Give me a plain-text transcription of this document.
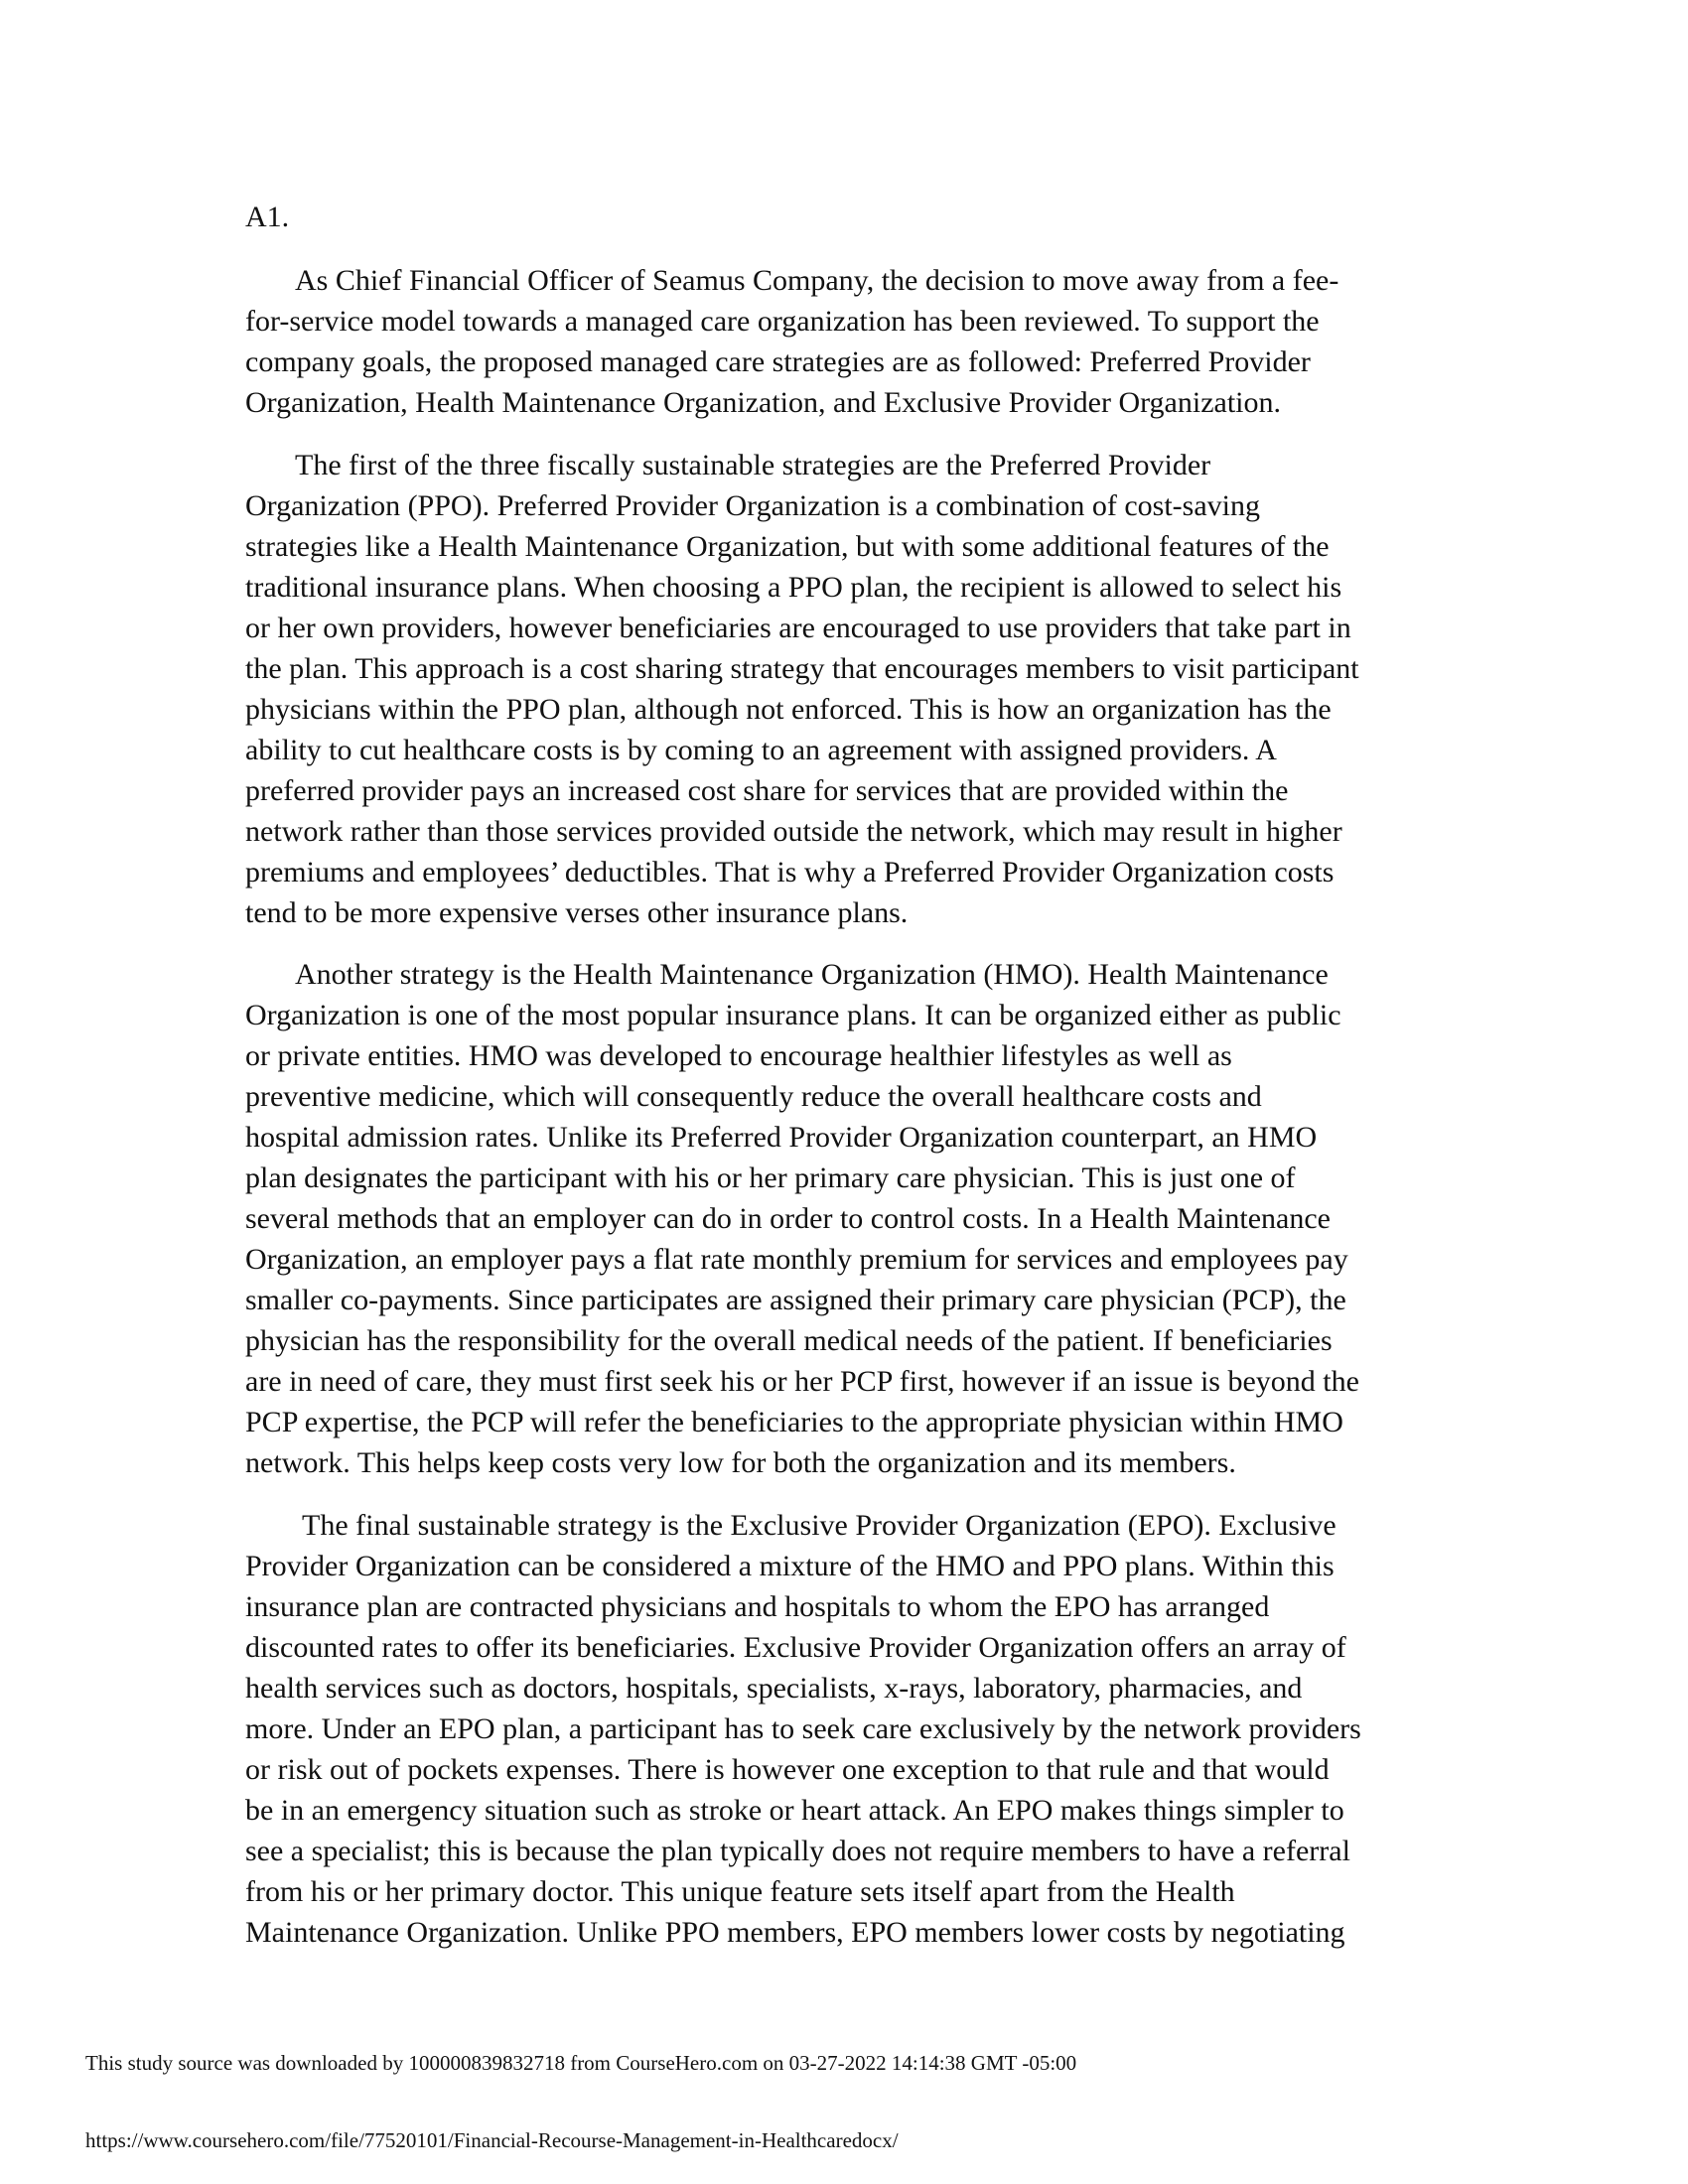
A1.
As Chief Financial Officer of Seamus Company, the decision to move away from a fee-
for-service model towards a managed care organization has been reviewed. To support the
company goals, the proposed managed care strategies are as followed: Preferred Provider
Organization, Health Maintenance Organization, and Exclusive Provider Organization.
The first of the three fiscally sustainable strategies are the Preferred Provider
Organization (PPO). Preferred Provider Organization is a combination of cost-saving
strategies like a Health Maintenance Organization, but with some additional features of the
traditional insurance plans. When choosing a PPO plan, the recipient is allowed to select his
or her own providers, however beneficiaries are encouraged to use providers that take part in
the plan. This approach is a cost sharing strategy that encourages members to visit participant
physicians within the PPO plan, although not enforced. This is how an organization has the
ability to cut healthcare costs is by coming to an agreement with assigned providers. A
preferred provider pays an increased cost share for services that are provided within the
network rather than those services provided outside the network, which may result in higher
premiums and employees’ deductibles. That is why a Preferred Provider Organization costs
tend to be more expensive verses other insurance plans.
Another strategy is the Health Maintenance Organization (HMO). Health Maintenance
Organization is one of the most popular insurance plans. It can be organized either as public
or private entities. HMO was developed to encourage healthier lifestyles as well as
preventive medicine, which will consequently reduce the overall healthcare costs and
hospital admission rates. Unlike its Preferred Provider Organization counterpart, an HMO
plan designates the participant with his or her primary care physician. This is just one of
several methods that an employer can do in order to control costs. In a Health Maintenance
Organization, an employer pays a flat rate monthly premium for services and employees pay
smaller co-payments. Since participates are assigned their primary care physician (PCP), the
physician has the responsibility for the overall medical needs of the patient. If beneficiaries
are in need of care, they must first seek his or her PCP first, however if an issue is beyond the
PCP expertise, the PCP will refer the beneficiaries to the appropriate physician within HMO
network. This helps keep costs very low for both the organization and its members.
The final sustainable strategy is the Exclusive Provider Organization (EPO). Exclusive
Provider Organization can be considered a mixture of the HMO and PPO plans. Within this
insurance plan are contracted physicians and hospitals to whom the EPO has arranged
discounted rates to offer its beneficiaries. Exclusive Provider Organization offers an array of
health services such as doctors, hospitals, specialists, x-rays, laboratory, pharmacies, and
more. Under an EPO plan, a participant has to seek care exclusively by the network providers
or risk out of pockets expenses. There is however one exception to that rule and that would
be in an emergency situation such as stroke or heart attack. An EPO makes things simpler to
see a specialist; this is because the plan typically does not require members to have a referral
from his or her primary doctor. This unique feature sets itself apart from the Health
Maintenance Organization. Unlike PPO members, EPO members lower costs by negotiating
This study source was downloaded by 100000839832718 from CourseHero.com on 03-27-2022 14:14:38 GMT -05:00
https://www.coursehero.com/file/77520101/Financial-Recourse-Management-in-Healthcaredocx/
